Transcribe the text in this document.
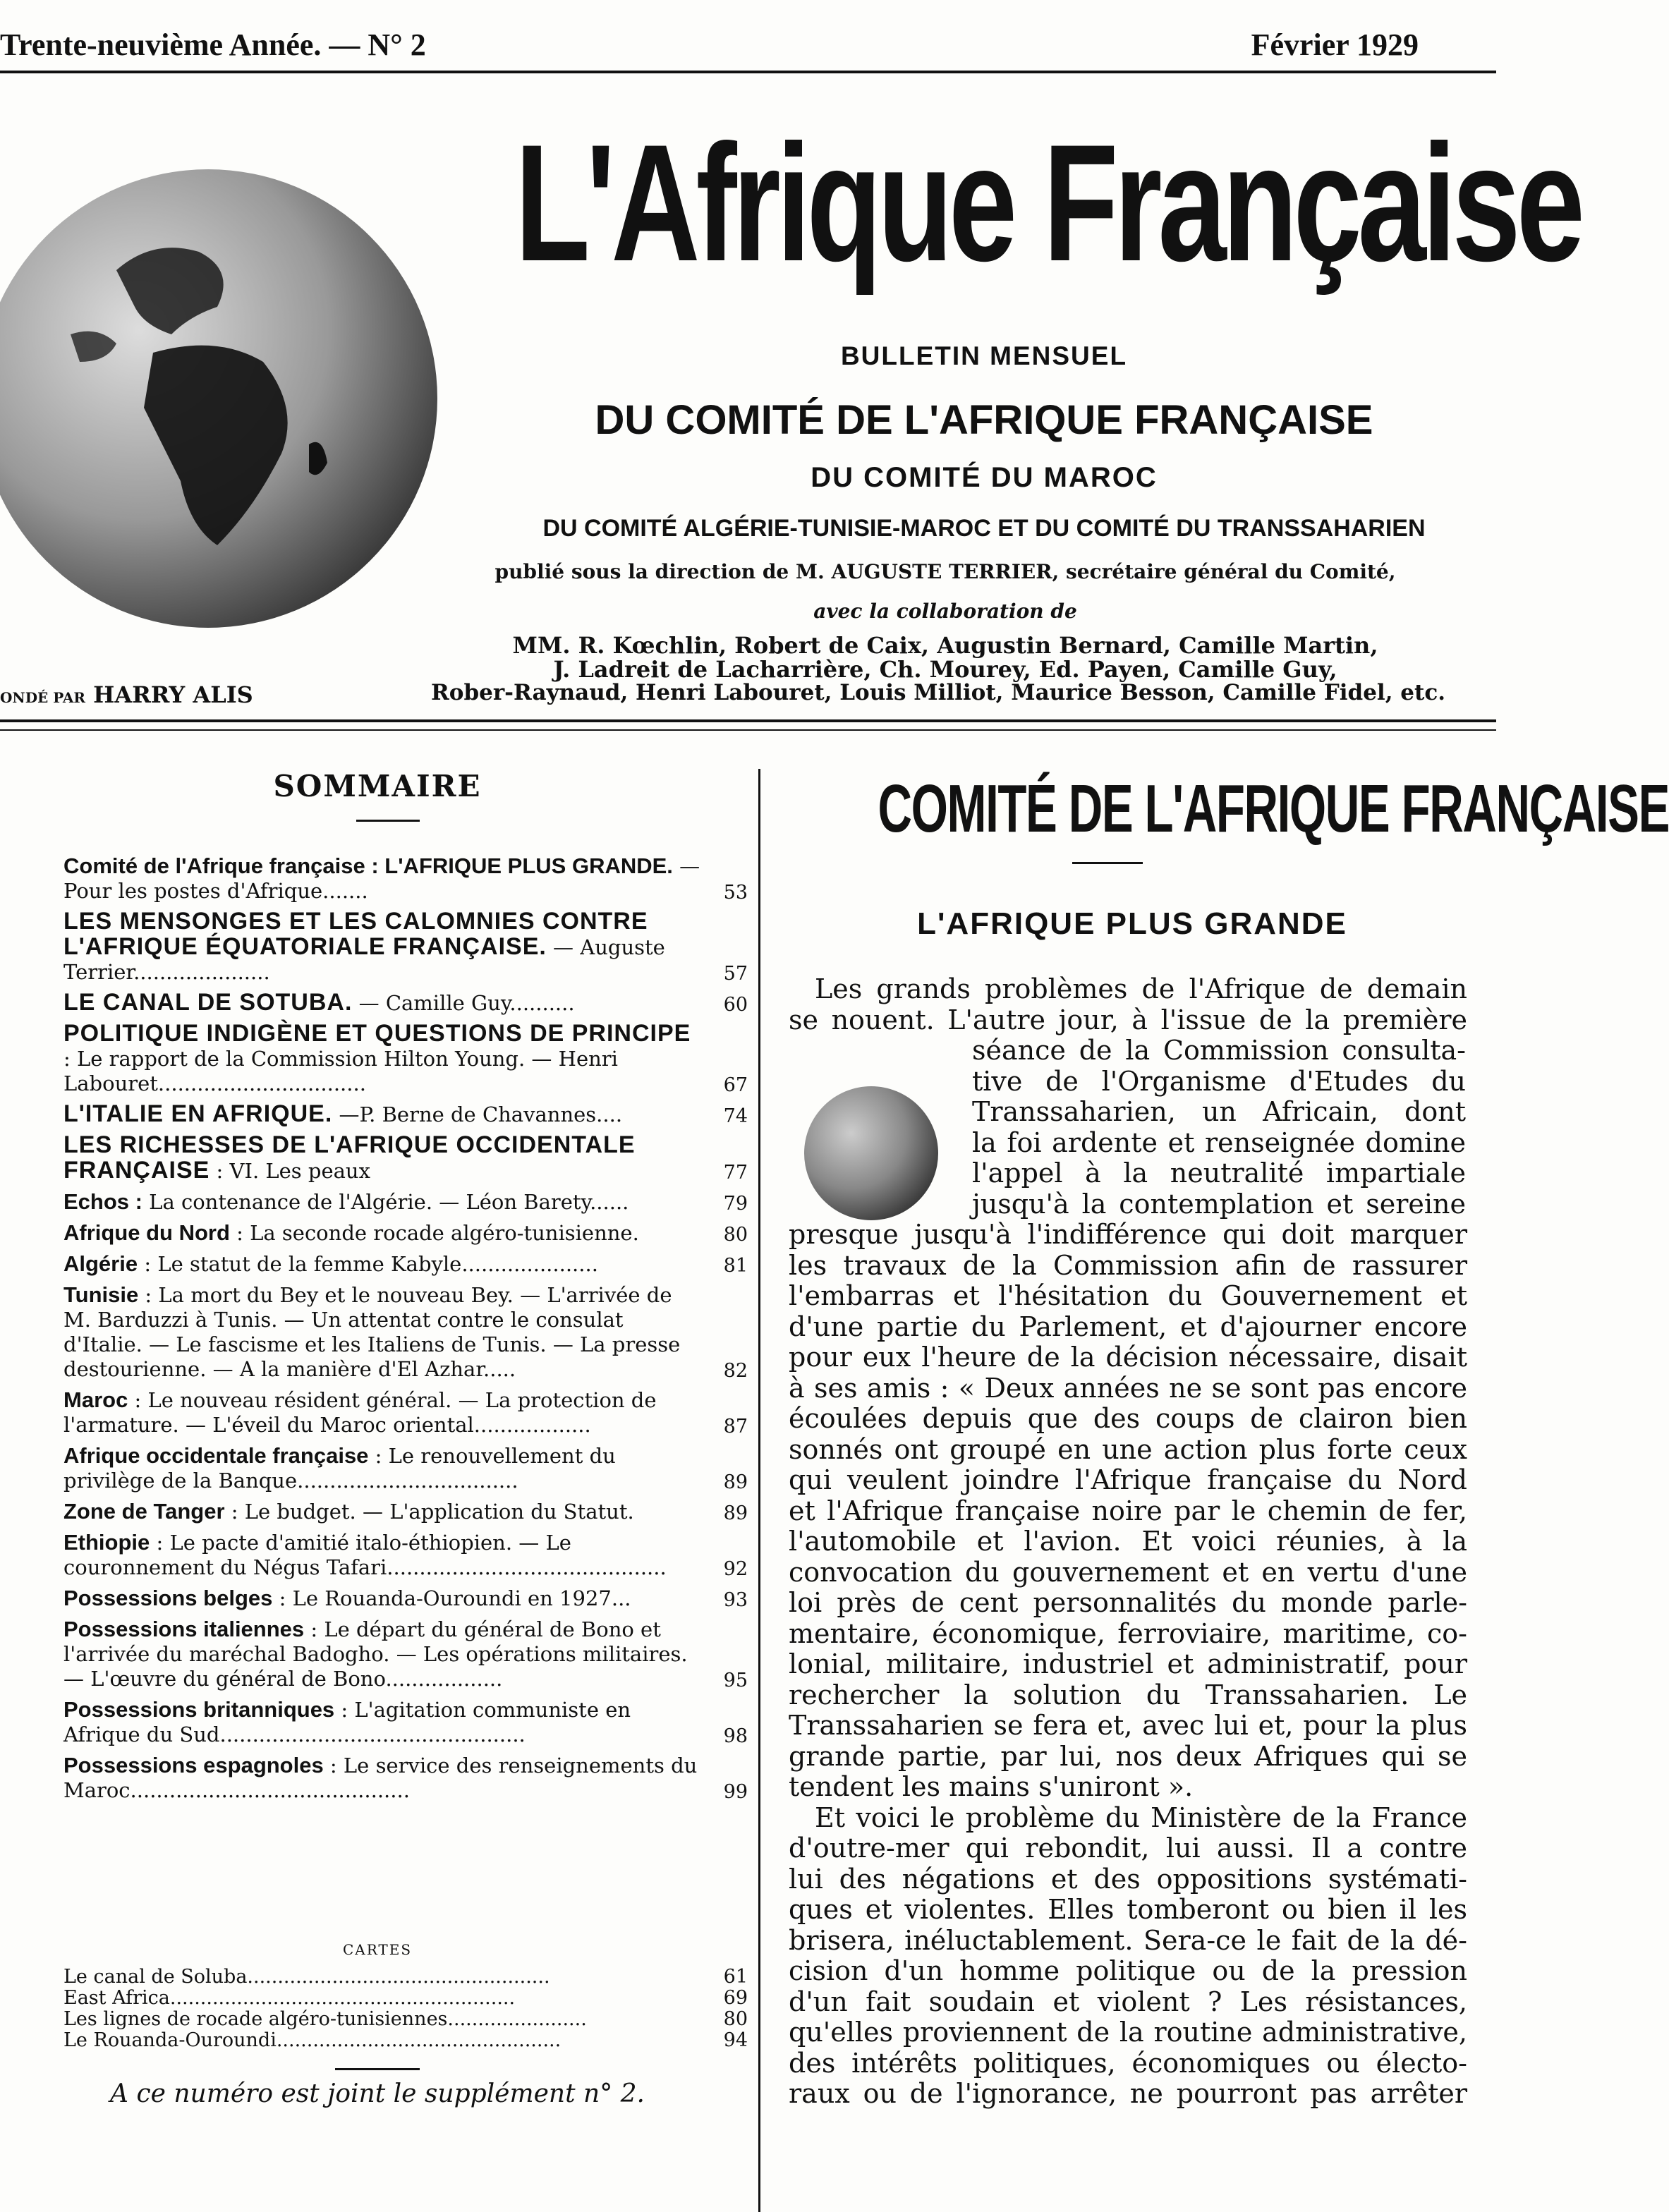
Trente-neuvième Année. — N° 2	Février 1929
L'Afrique Française
BULLETIN MENSUEL
DU COMITÉ DE L'AFRIQUE FRANÇAISE
DU COMITÉ DU MAROC
DU COMITÉ ALGÉRIE-TUNISIE-MAROC ET DU COMITÉ DU TRANSSAHARIEN
publié sous la direction de M. AUGUSTE TERRIER, secrétaire général du Comité,
avec la collaboration de
MM. R. Kœchlin, Robert de Caix, Augustin Bernard, Camille Martin,
J. Ladreit de Lacharrière, Ch. Mourey, Ed. Payen, Camille Guy,
Rober-Raynaud, Henri Labouret, Louis Milliot, Maurice Besson, Camille Fidel, etc.
ONDÉ PAR HARRY ALIS
SOMMAIRE
Comité de l'Afrique française : L'AFRIQUE PLUS GRANDE. — Pour les postes d'Afrique.......	53
LES MENSONGES ET LES CALOMNIES CONTRE L'AFRIQUE ÉQUATORIALE FRANÇAISE. — Auguste Terrier.....................	57
LE CANAL DE SOTUBA. — Camille Guy..........	60
POLITIQUE INDIGÈNE ET QUESTIONS DE PRINCIPE : Le rapport de la Commission Hilton Young. — Henri Labouret................................	67
L'ITALIE EN AFRIQUE. —P. Berne de Chavannes....	74
LES RICHESSES DE L'AFRIQUE OCCIDENTALE FRANÇAISE : VI. Les peaux	77
Echos : La contenance de l'Algérie. — Léon Barety......	79
Afrique du Nord : La seconde rocade algéro-tunisienne.	80
Algérie : Le statut de la femme Kabyle.....................	81
Tunisie : La mort du Bey et le nouveau Bey. — L'arrivée de M. Barduzzi à Tunis. — Un attentat contre le consulat d'Italie. — Le fascisme et les Italiens de Tunis. — La presse destourienne. — A la manière d'El Azhar.....	82
Maroc : Le nouveau résident général. — La protection de l'armature. — L'éveil du Maroc oriental..................	87
Afrique occidentale française : Le renouvellement du privilège de la Banque..................................	89
Zone de Tanger : Le budget. — L'application du Statut.	89
Ethiopie : Le pacte d'amitié italo-éthiopien. — Le couronnement du Négus Tafari...........................................	92
Possessions belges : Le Rouanda-Ouroundi en 1927...	93
Possessions italiennes : Le départ du général de Bono et l'arrivée du maréchal Badogho. — Les opérations militaires. — L'œuvre du général de Bono..................	95
Possessions britanniques : L'agitation communiste en Afrique du Sud...............................................	98
Possessions espagnoles : Le service des renseignements du Maroc...........................................	99
CARTES
Le canal de Soluba..................................................	61
East Africa.........................................................	69
Les lignes de rocade algéro-tunisiennes.......................	80
Le Rouanda-Ouroundi...............................................	94
A ce numéro est joint le supplément n° 2.
COMITÉ DE L'AFRIQUE FRANÇAISE
L'AFRIQUE PLUS GRANDE
Les grands problèmes de l'Afrique de demain
se nouent. L'autre jour, à l'issue de la première
séance de la Commission consulta-
tive de l'Organisme d'Etudes du
Transsaharien, un Africain, dont
la foi ardente et renseignée domine
l'appel à la neutralité impartiale
jusqu'à la contemplation et sereine
presque jusqu'à l'indifférence qui doit marquer
les travaux de la Commission afin de rassurer
l'embarras et l'hésitation du Gouvernement et
d'une partie du Parlement, et d'ajourner encore
pour eux l'heure de la décision nécessaire, disait
à ses amis : « Deux années ne se sont pas encore
écoulées depuis que des coups de clairon bien
sonnés ont groupé en une action plus forte ceux
qui veulent joindre l'Afrique française du Nord
et l'Afrique française noire par le chemin de fer,
l'automobile et l'avion. Et voici réunies, à la
convocation du gouvernement et en vertu d'une
loi près de cent personnalités du monde parle-
mentaire, économique, ferroviaire, maritime, co-
lonial, militaire, industriel et administratif, pour
rechercher la solution du Transsaharien. Le
Transsaharien se fera et, avec lui et, pour la plus
grande partie, par lui, nos deux Afriques qui se
tendent les mains s'uniront ».
Et voici le problème du Ministère de la France
d'outre-mer qui rebondit, lui aussi. Il a contre
lui des négations et des oppositions systémati-
ques et violentes. Elles tomberont ou bien il les
brisera, inéluctablement. Sera-ce le fait de la dé-
cision d'un homme politique ou de la pression
d'un fait soudain et violent ? Les résistances,
qu'elles proviennent de la routine administrative,
des intérêts politiques, économiques ou électo-
raux ou de l'ignorance, ne pourront pas arrêter
